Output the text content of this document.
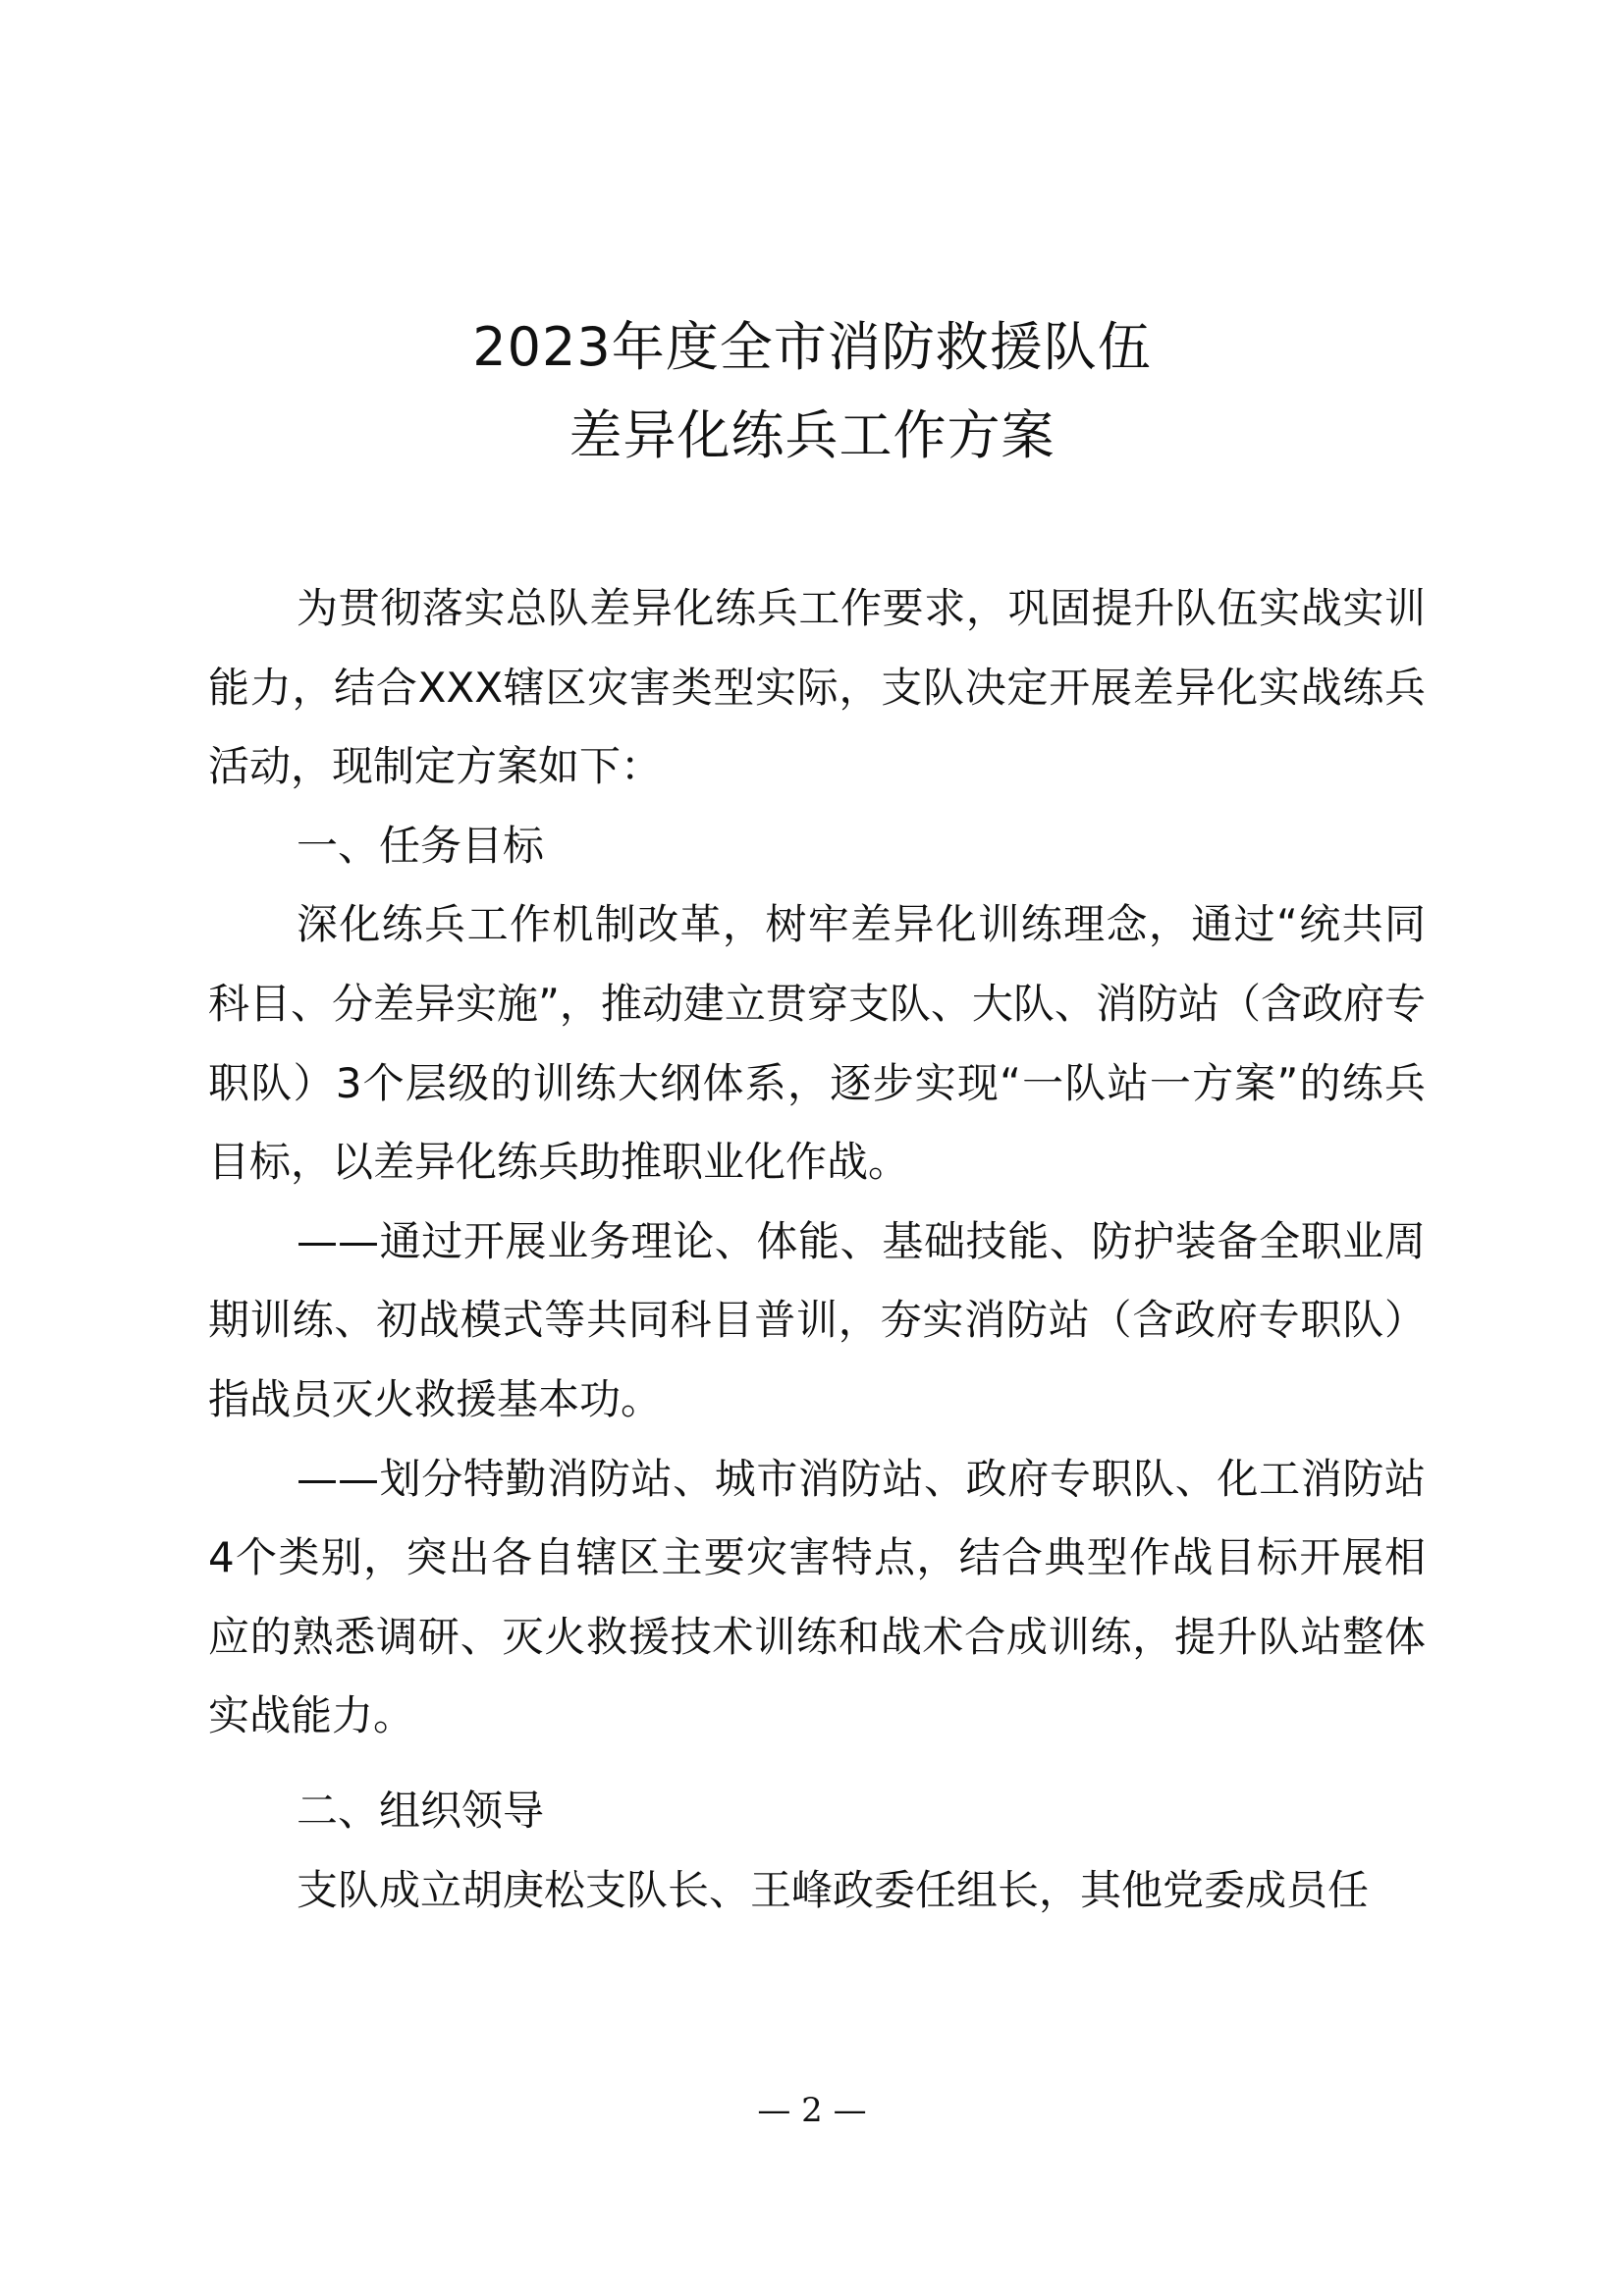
2023年度全市消防救援队伍
差异化练兵工作方案

为贯彻落实总队差异化练兵工作要求，巩固提升队伍实战实训能力，结合XXX辖区灾害类型实际，支队决定开展差异化实战练兵活动，现制定方案如下：

一、任务目标

深化练兵工作机制改革，树牢差异化训练理念，通过“统共同科目、分差异实施”，推动建立贯穿支队、大队、消防站（含政府专职队）3个层级的训练大纲体系，逐步实现“一队站一方案”的练兵目标，以差异化练兵助推职业化作战。

——通过开展业务理论、体能、基础技能、防护装备全职业周期训练、初战模式等共同科目普训，夯实消防站（含政府专职队）指战员灭火救援基本功。

——划分特勤消防站、城市消防站、政府专职队、化工消防站4个类别，突出各自辖区主要灾害特点，结合典型作战目标开展相应的熟悉调研、灭火救援技术训练和战术合成训练，提升队站整体实战能力。

二、组织领导

支队成立胡庚松支队长、王峰政委任组长，其他党委成员任

— 2 —
